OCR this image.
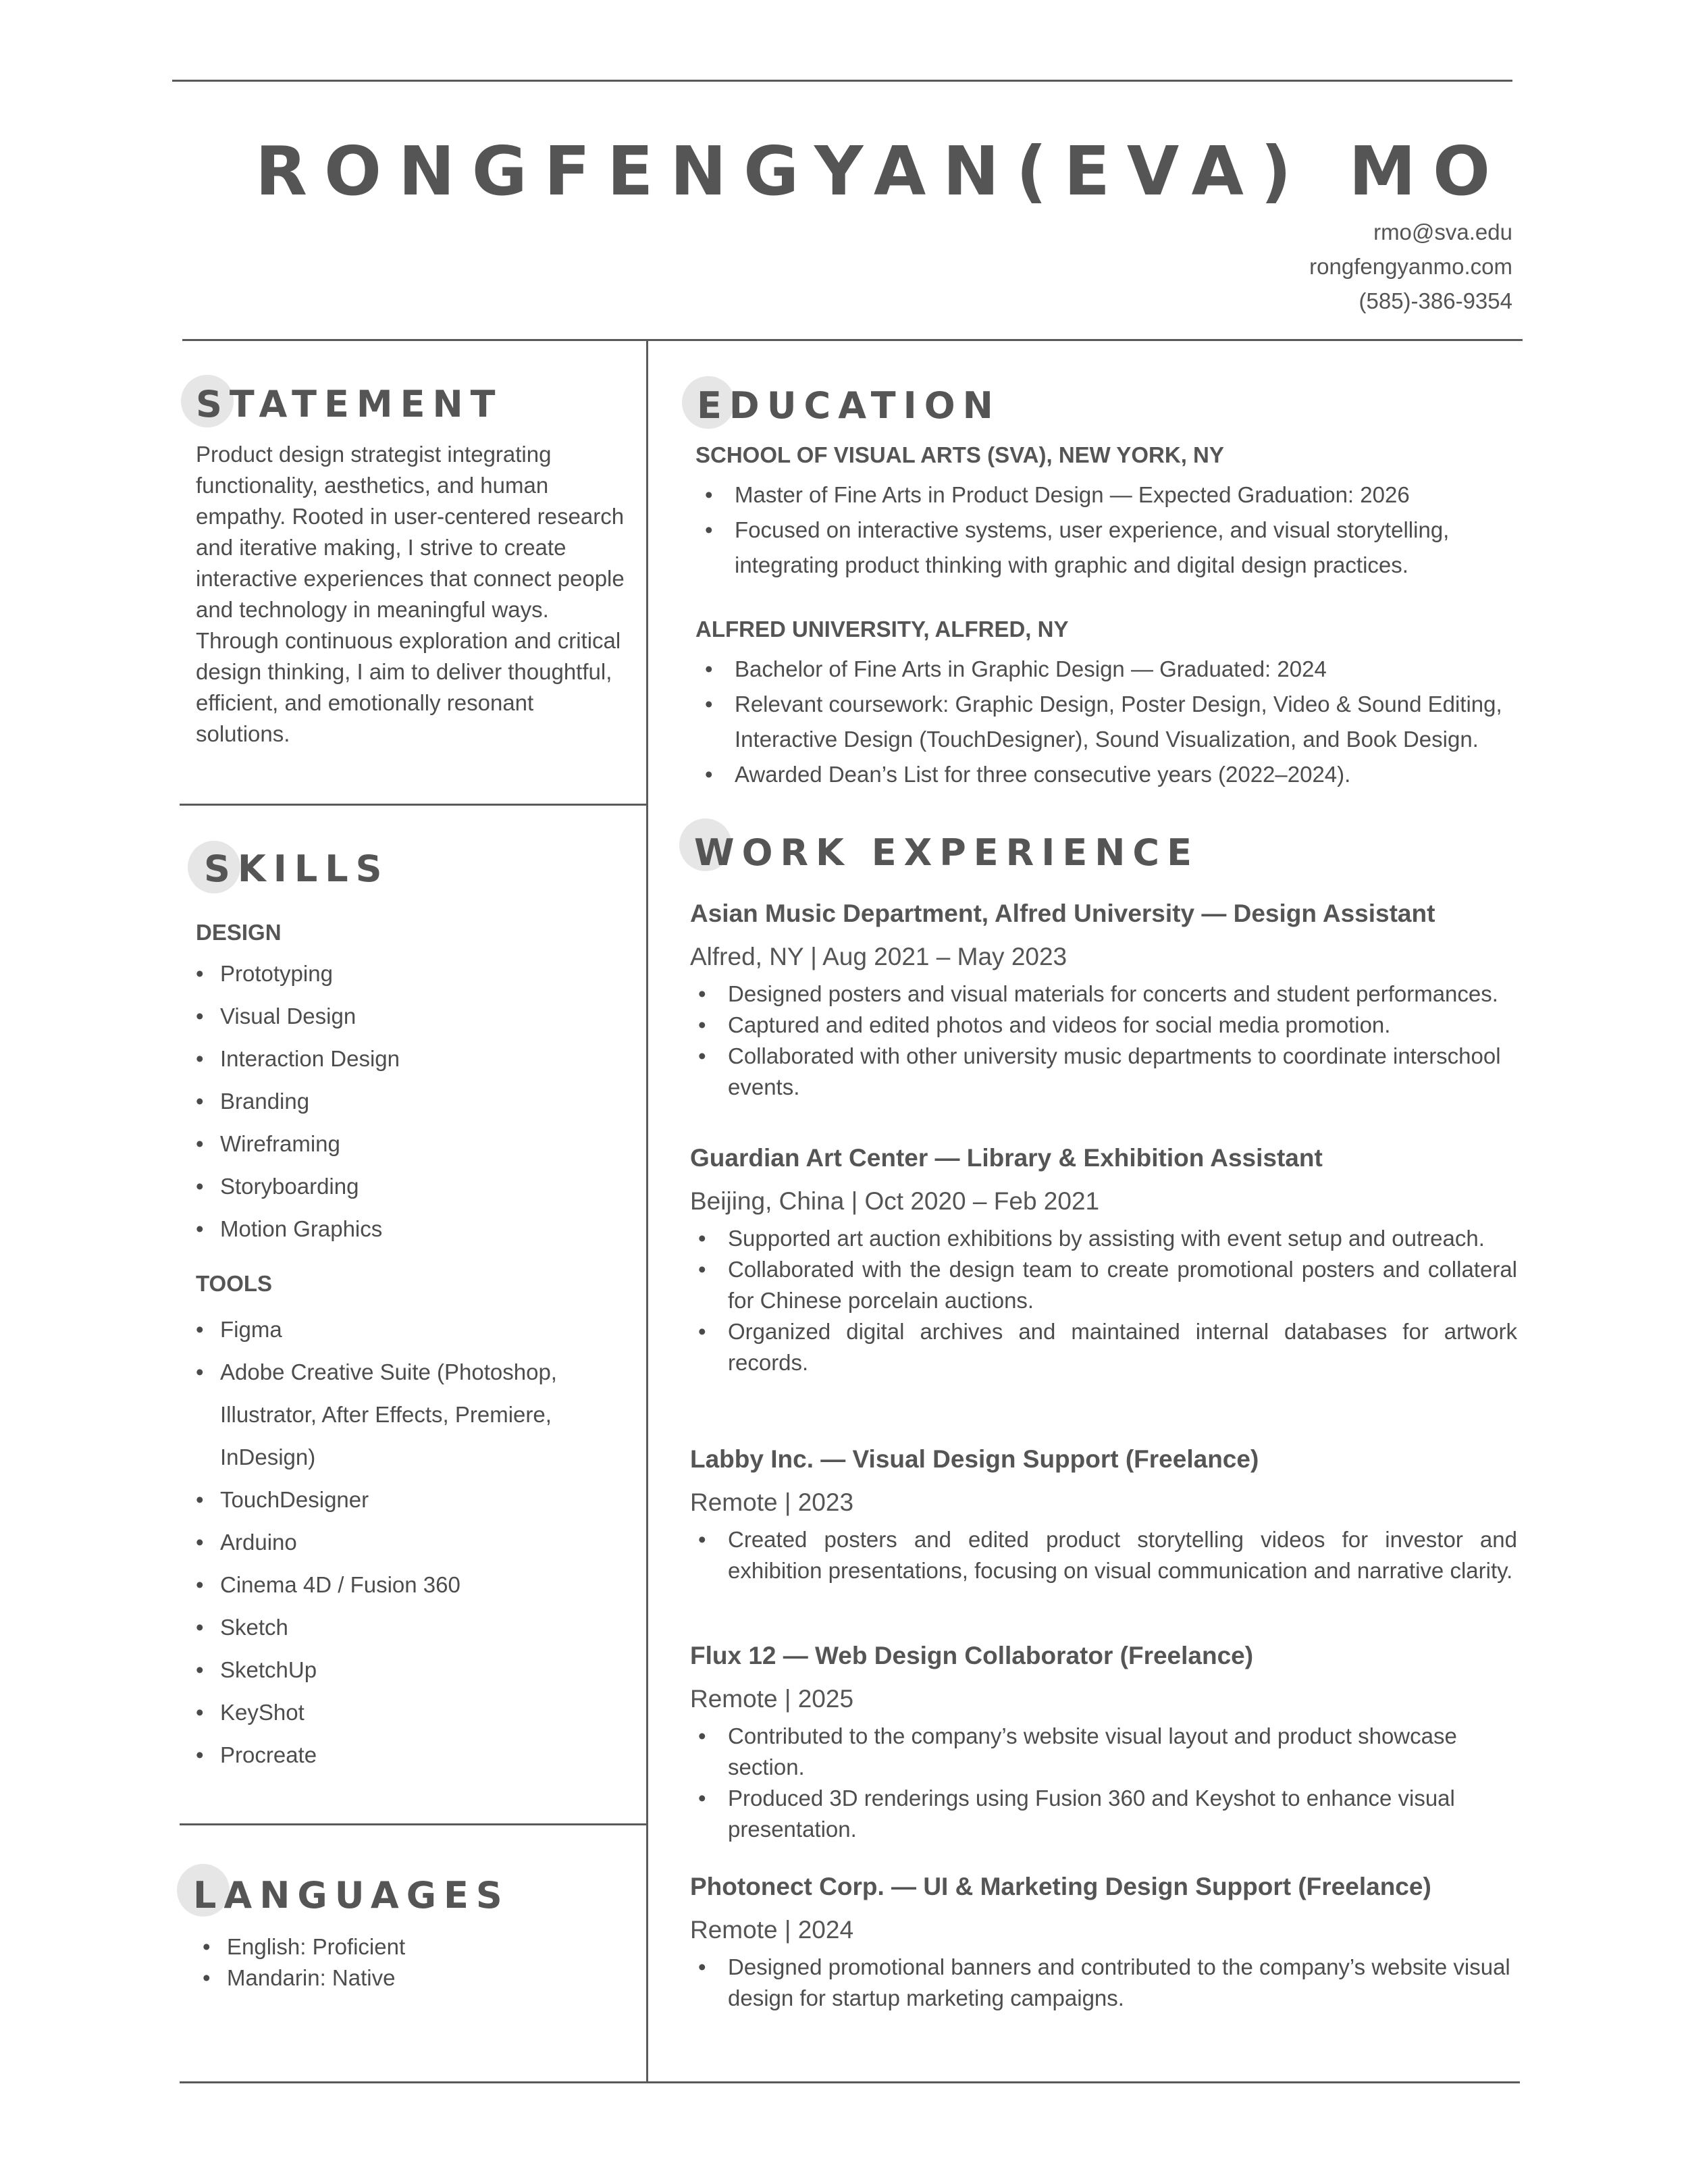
RONGFENGYAN(EVA) MO
rmo@sva.edu
rongfengyanmo.com
(585)-386-9354
STATEMENT
Product design strategist integrating functionality, aesthetics, and human empathy. Rooted in user-centered research and iterative making, I strive to create interactive experiences that connect people and technology in meaningful ways. Through continuous exploration and critical design thinking, I aim to deliver thoughtful, efficient, and emotionally resonant solutions.
SKILLS
DESIGN
• Prototyping
• Visual Design
• Interaction Design
• Branding
• Wireframing
• Storyboarding
• Motion Graphics
TOOLS
• Figma
• Adobe Creative Suite (Photoshop, Illustrator, After Effects, Premiere, InDesign)
• TouchDesigner
• Arduino
• Cinema 4D / Fusion 360
• Sketch
• SketchUp
• KeyShot
• Procreate
LANGUAGES
• English: Proficient
• Mandarin: Native
EDUCATION
SCHOOL OF VISUAL ARTS (SVA), NEW YORK, NY
• Master of Fine Arts in Product Design — Expected Graduation: 2026
• Focused on interactive systems, user experience, and visual storytelling, integrating product thinking with graphic and digital design practices.
ALFRED UNIVERSITY, ALFRED, NY
• Bachelor of Fine Arts in Graphic Design — Graduated: 2024
• Relevant coursework: Graphic Design, Poster Design, Video & Sound Editing, Interactive Design (TouchDesigner), Sound Visualization, and Book Design.
• Awarded Dean’s List for three consecutive years (2022–2024).
WORK EXPERIENCE
Asian Music Department, Alfred University — Design Assistant
Alfred, NY | Aug 2021 – May 2023
• Designed posters and visual materials for concerts and student performances.
• Captured and edited photos and videos for social media promotion.
• Collaborated with other university music departments to coordinate interschool events.
Guardian Art Center — Library & Exhibition Assistant
Beijing, China | Oct 2020 – Feb 2021
• Supported art auction exhibitions by assisting with event setup and outreach.
• Collaborated with the design team to create promotional posters and collateral for Chinese porcelain auctions.
• Organized digital archives and maintained internal databases for artwork records.
Labby Inc. — Visual Design Support (Freelance)
Remote | 2023
• Created posters and edited product storytelling videos for investor and exhibition presentations, focusing on visual communication and narrative clarity.
Flux 12 — Web Design Collaborator (Freelance)
Remote | 2025
• Contributed to the company’s website visual layout and product showcase section.
• Produced 3D renderings using Fusion 360 and Keyshot to enhance visual presentation.
Photonect Corp. — UI & Marketing Design Support (Freelance)
Remote | 2024
• Designed promotional banners and contributed to the company’s website visual design for startup marketing campaigns.
